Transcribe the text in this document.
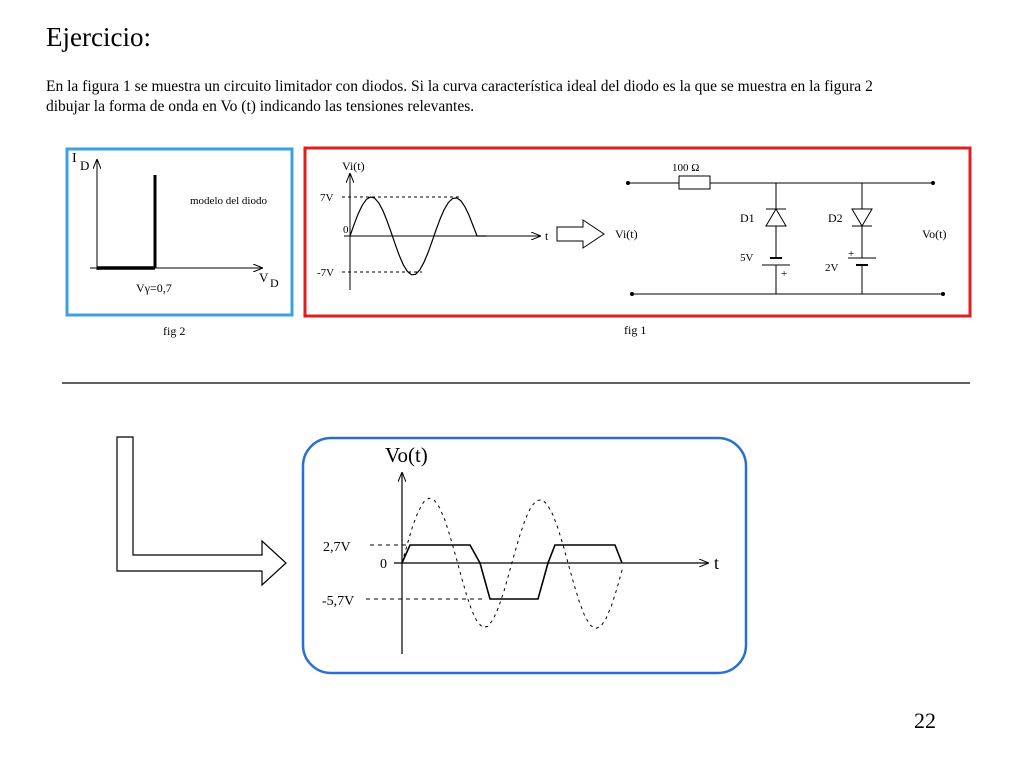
Ejercicio:
En la figura 1 se muestra un circuito limitador con diodos. Si la curva característica ideal del diodo es la que se muestra en la figura 2
dibujar la forma de onda en Vo (t) indicando las tensiones relevantes.
I D
V D
Vγ=0,7
modelo del diodo
fig 2
Vi(t)
7V
0
-7V
t
100 Ω
D1
5V
+
D2
+
2V
Vi(t)	Vo(t)
fig 1
Vo(t)
2,7V
0
-5,7V
t
22
